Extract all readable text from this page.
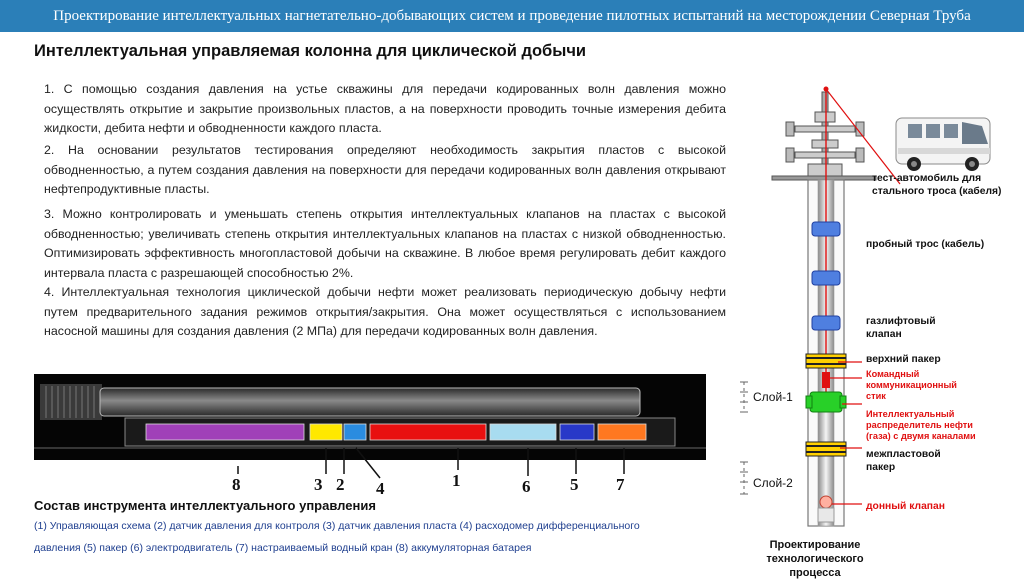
Проектирование интеллектуальных нагнетательно-добывающих систем и проведение пилотных испытаний на месторождении Северная Труба
Интеллектуальная управляемая колонна для циклической добычи
1. С помощью создания давления на устье скважины для передачи кодированных волн давления можно осуществлять открытие и закрытие произвольных пластов, а на поверхности проводить точные измерения дебита жидкости, дебита нефти и обводненности каждого пласта.
2. На основании результатов тестирования определяют необходимость закрытия пластов с высокой обводненностью, а путем создания давления на поверхности для передачи кодированных волн давления открывают нефтепродуктивные пласты.
3. Можно контролировать и уменьшать степень открытия интеллектуальных клапанов на пластах с высокой обводненностью; увеличивать степень открытия интеллектуальных клапанов на пластах с низкой обводненностью. Оптимизировать эффективность многопластовой добычи на скважине. В любое время регулировать дебит каждого интервала пласта с разрешающей способностью 2%.
4. Интеллектуальная технология циклической добычи нефти может реализовать периодическую добычу нефти путем предварительного задания режимов открытия/закрытия. Она может осуществляться с использованием насосной машины для создания давления (2 МПа) для передачи кодированных волн давления.
8	3 2 4	1	6 5 7
Состав инструмента интеллектуального управления
(1) Управляющая схема (2) датчик давления для контроля (3) датчик давления пласта (4) расходомер дифференциального
давления (5) пакер (6) электродвигатель (7) настраиваемый водный кран (8) аккумуляторная батарея
тест-автомобиль для стального троса (кабеля)
пробный трос (кабель)
газлифтовый клапан
верхний пакер
Командный коммуникационный стик
Интеллектуальный распределитель нефти (газа) с двумя каналами
межпластовой пакер
донный клапан
Слой-1
Слой-2
Проектирование технологического процесса
